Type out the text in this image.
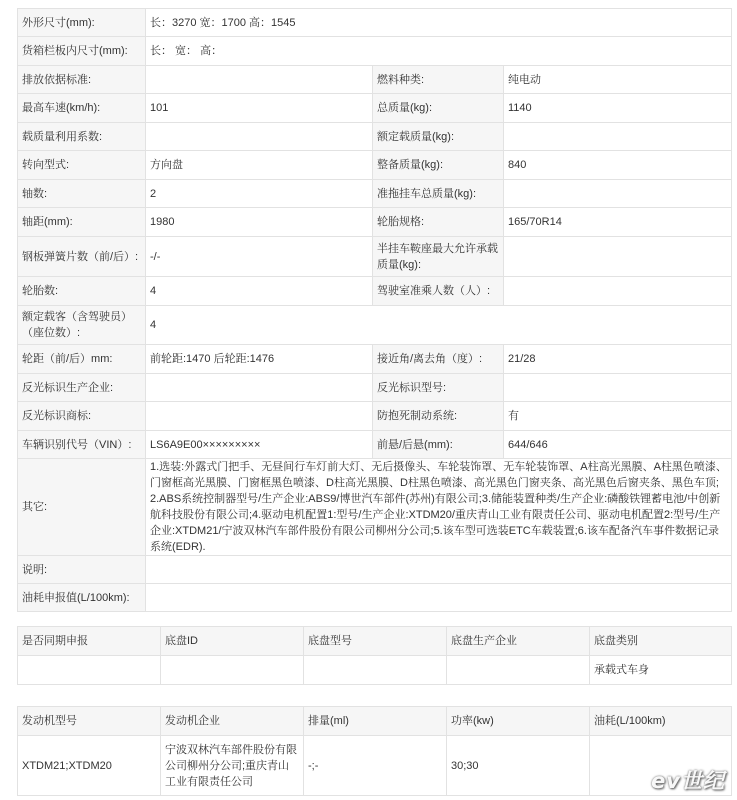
外形尺寸(mm):	长：3270 宽：1700 高：1545		
货箱栏板内尺寸(mm):	长： 宽： 高：		
排放依据标准:		燃料种类:	纯电动
最高车速(km/h):	101	总质量(kg):	1140
载质量利用系数:		额定载质量(kg):	
转向型式:	方向盘	整备质量(kg):	840
轴数:	2	准拖挂车总质量(kg):	
轴距(mm):	1980	轮胎规格:	165/70R14
钢板弹簧片数（前/后）:	-/-	半挂车鞍座最大允许承载质量(kg):	
轮胎数:	4	驾驶室准乘人数（人）:	
额定载客（含驾驶员）（座位数）:	4		
轮距（前/后）mm:	前轮距:1470 后轮距:1476	接近角/离去角（度）:	21/28
反光标识生产企业:		反光标识型号:	
反光标识商标:		防抱死制动系统:	有
车辆识别代号（VIN）:	LS6A9E00×××××××××	前悬/后悬(mm):	644/646
其它:	1.选装:外露式门把手、无昼间行车灯前大灯、无后摄像头、车轮装饰罩、无车轮装饰罩、A柱高光黑膜、A柱黑色喷漆、门窗框高光黑膜、门窗框黑色喷漆、D柱高光黑膜、D柱黑色喷漆、高光黑色门窗夹条、高光黑色后窗夹条、黑色车顶;2.ABS系统控制器型号/生产企业:ABS9/博世汽车部件(苏州)有限公司;3.储能装置种类/生产企业:磷酸铁锂蓄电池/中创新航科技股份有限公司;4.驱动电机配置1:型号/生产企业:XTDM20/重庆青山工业有限责任公司、驱动电机配置2:型号/生产企业:XTDM21/宁波双林汽车部件股份有限公司柳州分公司;5.该车型可选装ETC车载装置;6.该车配备汽车事件数据记录系统(EDR).		
说明:			
油耗申报值(L/100km):			
是否同期申报	底盘ID	底盘型号	底盘生产企业	底盘类别
				承载式车身
发动机型号	发动机企业	排量(ml)	功率(kw)	油耗(L/100km)
XTDM21;XTDM20	宁波双林汽车部件股份有限公司柳州分公司;重庆青山工业有限责任公司	-;-	30;30	
ev世纪
